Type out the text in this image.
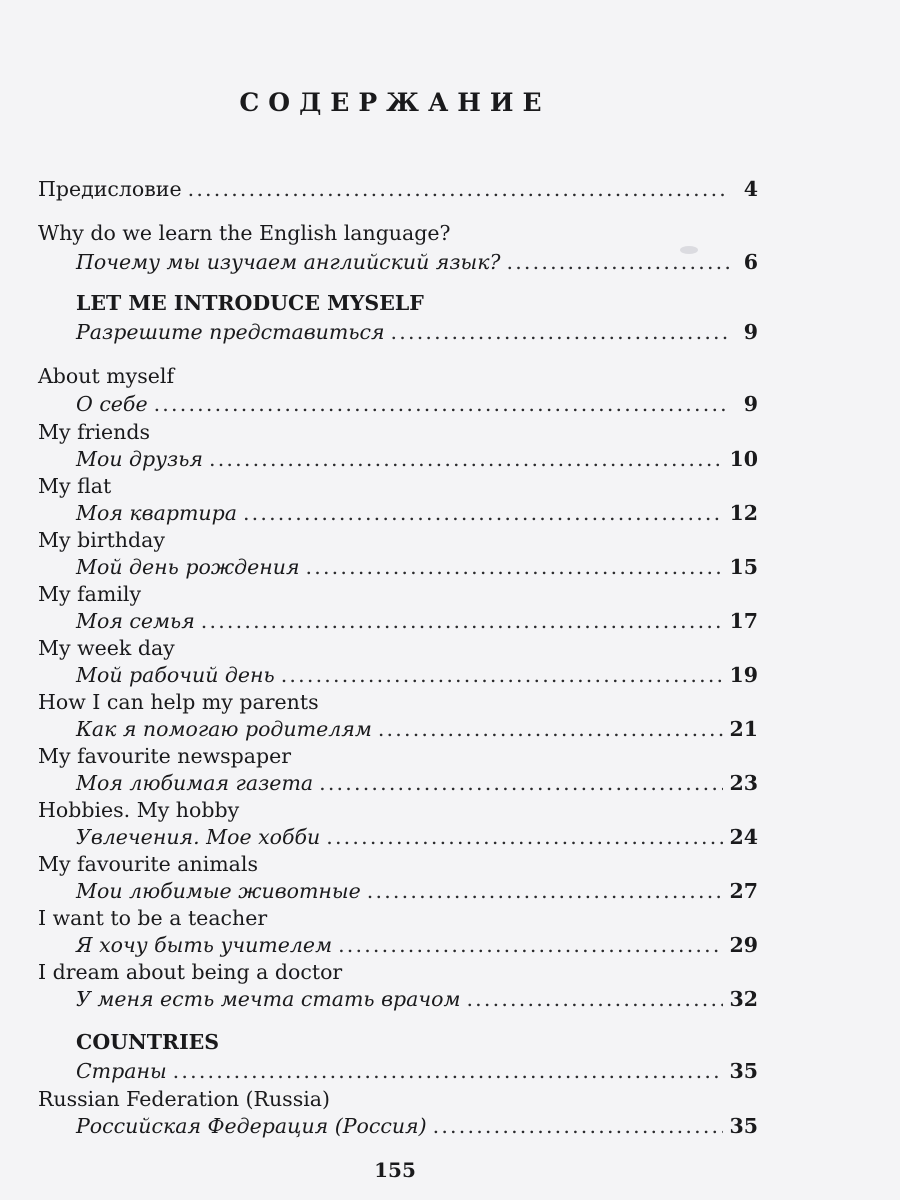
СОДЕРЖАНИЕ
Предисловие .....	4
Why do we learn the English language?
Почему мы изучаем английский язык? .....	6
LET ME INTRODUCE MYSELF
Разрешите представиться .....	9
About myself
О себе .....	9
My friends
Мои друзья .....	10
My flat
Моя квартира .....	12
My birthday
Мой день рождения .....	15
My family
Моя семья .....	17
My week day
Мой рабочий день .....	19
How I can help my parents
Как я помогаю родителям .....	21
My favourite newspaper
Моя любимая газета .....	23
Hobbies. My hobby
Увлечения. Мое хобби .....	24
My favourite animals
Мои любимые животные .....	27
I want to be a teacher
Я хочу быть учителем .....	29
I dream about being a doctor
У меня есть мечта стать врачом .....	32
COUNTRIES
Страны .....	35
Russian Federation (Russia)
Российская Федерация (Россия) .....	35
155
